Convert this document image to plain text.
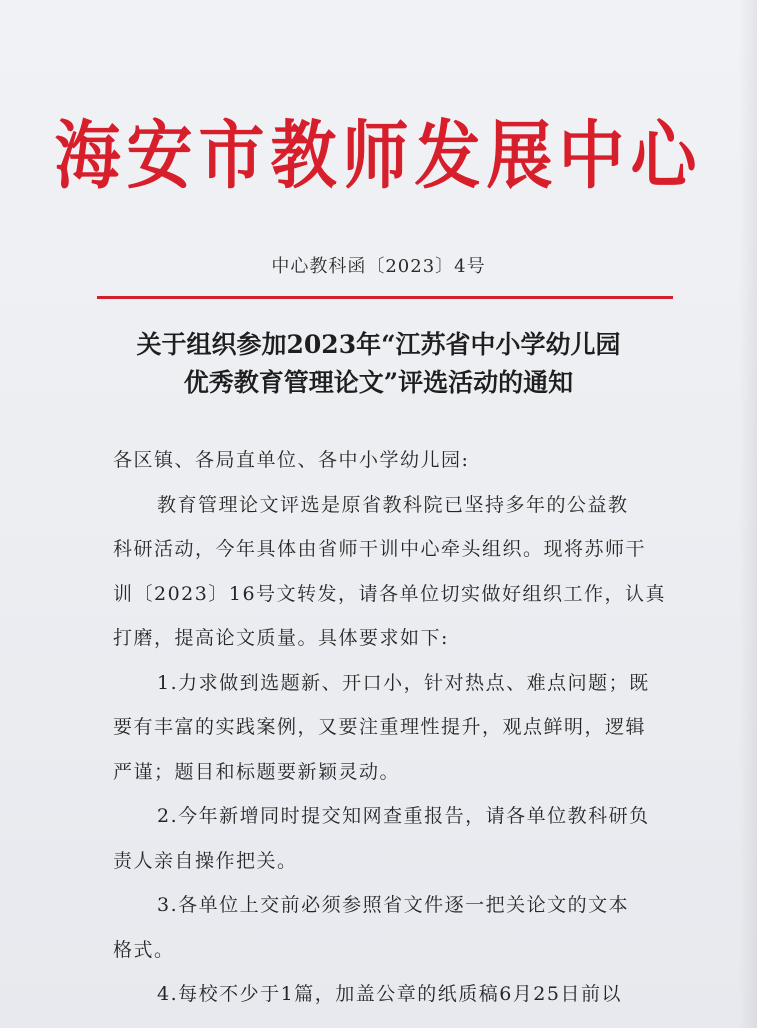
海安市教师发展中心
中心教科函〔2023〕4号
关于组织参加2023年“江苏省中小学幼儿园
优秀教育管理论文”评选活动的通知
各区镇、各局直单位、各中小学幼儿园:
教育管理论文评选是原省教科院已坚持多年的公益教
科研活动，今年具体由省师干训中心牵头组织。现将苏师干
训〔2023〕16号文转发，请各单位切实做好组织工作，认真
打磨，提高论文质量。具体要求如下:
1.力求做到选题新、开口小，针对热点、难点问题；既
要有丰富的实践案例，又要注重理性提升，观点鲜明，逻辑
严谨；题目和标题要新颖灵动。
2.今年新增同时提交知网查重报告，请各单位教科研负
责人亲自操作把关。
3.各单位上交前必须参照省文件逐一把关论文的文本
格式。
4.每校不少于1篇，加盖公章的纸质稿6月25日前以
